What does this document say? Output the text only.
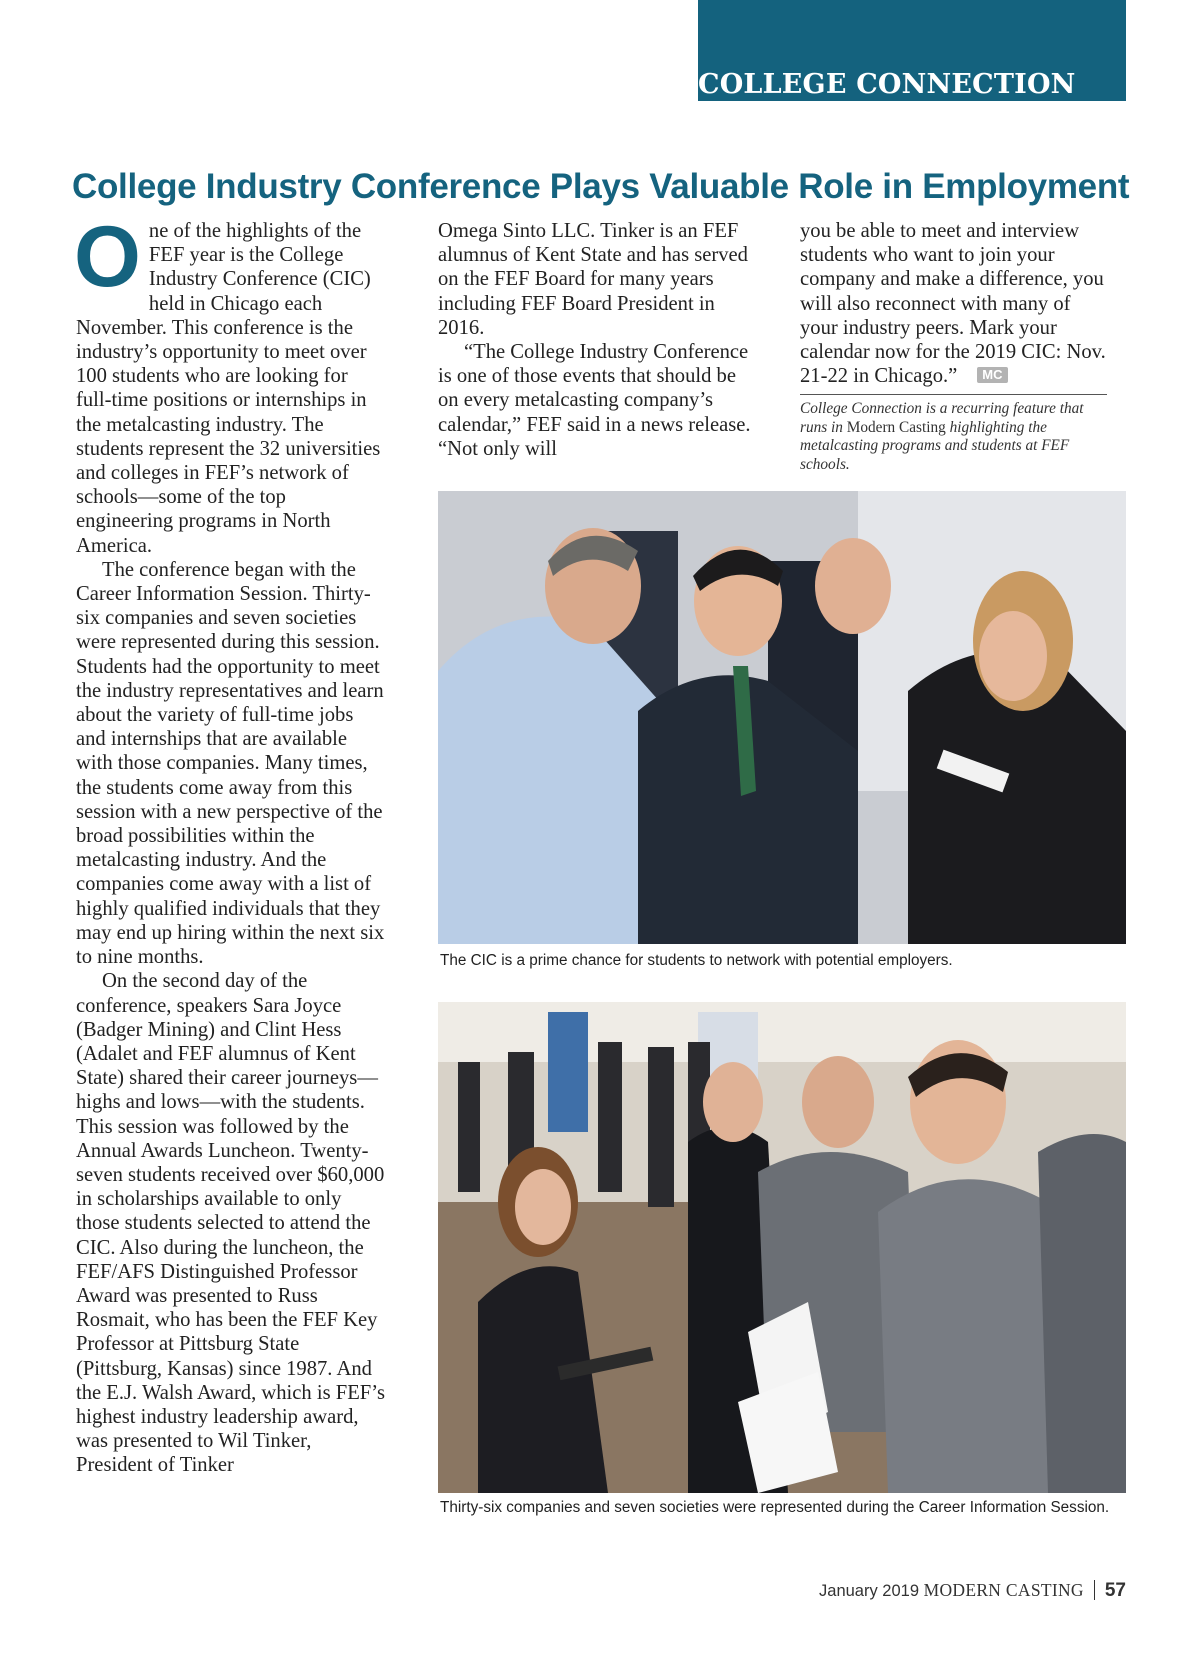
COLLEGE CONNECTION
College Industry Conference Plays Valuable Role in Employment

One of the highlights of the FEF year is the College Industry Conference (CIC) held in Chicago each November. This conference is the industry’s opportunity to meet over 100 students who are looking for full-time positions or internships in the metalcasting industry. The students represent the 32 universities and colleges in FEF’s network of schools—some of the top engineering programs in North America.

The conference began with the Career Information Session. Thirty-six companies and seven societies were represented during this session. Students had the opportunity to meet the industry representatives and learn about the variety of full-time jobs and internships that are available with those companies. Many times, the students come away from this session with a new perspective of the broad possibilities within the metalcasting industry. And the companies come away with a list of highly qualified individuals that they may end up hiring within the next six to nine months.

On the second day of the conference, speakers Sara Joyce (Badger Mining) and Clint Hess (Adalet and FEF alumnus of Kent State) shared their career journeys—highs and lows—with the students. This session was followed by the Annual Awards Luncheon. Twenty-seven students received over $60,000 in scholarships available to only those students selected to attend the CIC. Also during the luncheon, the FEF/AFS Distinguished Professor Award was presented to Russ Rosmait, who has been the FEF Key Professor at Pittsburg State (Pittsburg, Kansas) since 1987. And the E.J. Walsh Award, which is FEF’s highest industry leadership award, was presented to Wil Tinker, President of Tinker

Omega Sinto LLC. Tinker is an FEF alumnus of Kent State and has served on the FEF Board for many years including FEF Board President in 2016.

“The College Industry Conference is one of those events that should be on every metalcasting company’s calendar,” FEF said in a news release. “Not only will

you be able to meet and interview students who want to join your company and make a difference, you will also reconnect with many of your industry peers. Mark your calendar now for the 2019 CIC: Nov. 21-22 in Chicago.” MC

College Connection is a recurring feature that runs in Modern Casting highlighting the metalcasting programs and students at FEF schools.
The CIC is a prime chance for students to network with potential employers.
Thirty-six companies and seven societies were represented during the Career Information Session.
January 2019 MODERN CASTING 57
